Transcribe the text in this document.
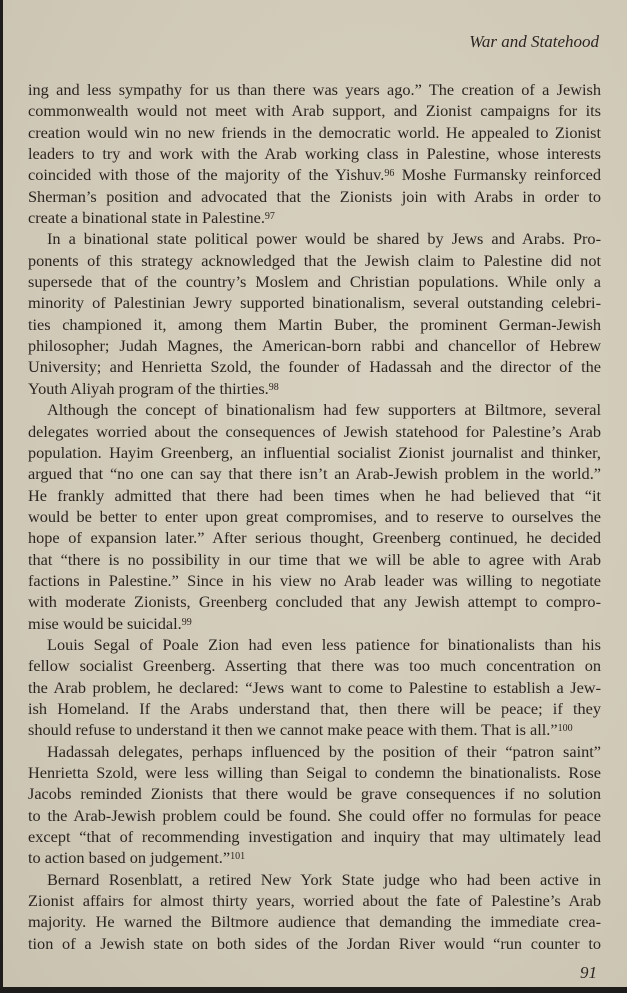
War and Statehood
ing and less sympathy for us than there was years ago.” The creation of a Jewish
commonwealth would not meet with Arab support, and Zionist campaigns for its
creation would win no new friends in the democratic world. He appealed to Zionist
leaders to try and work with the Arab working class in Palestine, whose interests
coincided with those of the majority of the Yishuv.$^{96}$ Moshe Furmansky reinforced
Sherman’s position and advocated that the Zionists join with Arabs in order to
create a binational state in Palestine.$^{97}$
In a binational state political power would be shared by Jews and Arabs. Pro-
ponents of this strategy acknowledged that the Jewish claim to Palestine did not
supersede that of the country’s Moslem and Christian populations. While only a
minority of Palestinian Jewry supported binationalism, several outstanding celebri-
ties championed it, among them Martin Buber, the prominent German-Jewish
philosopher; Judah Magnes, the American-born rabbi and chancellor of Hebrew
University; and Henrietta Szold, the founder of Hadassah and the director of the
Youth Aliyah program of the thirties.$^{98}$
Although the concept of binationalism had few supporters at Biltmore, several
delegates worried about the consequences of Jewish statehood for Palestine’s Arab
population. Hayim Greenberg, an influential socialist Zionist journalist and thinker,
argued that “no one can say that there isn’t an Arab-Jewish problem in the world.”
He frankly admitted that there had been times when he had believed that “it
would be better to enter upon great compromises, and to reserve to ourselves the
hope of expansion later.” After serious thought, Greenberg continued, he decided
that “there is no possibility in our time that we will be able to agree with Arab
factions in Palestine.” Since in his view no Arab leader was willing to negotiate
with moderate Zionists, Greenberg concluded that any Jewish attempt to compro-
mise would be suicidal.$^{99}$
Louis Segal of Poale Zion had even less patience for binationalists than his
fellow socialist Greenberg. Asserting that there was too much concentration on
the Arab problem, he declared: “Jews want to come to Palestine to establish a Jew-
ish Homeland. If the Arabs understand that, then there will be peace; if they
should refuse to understand it then we cannot make peace with them. That is all.”$^{100}$
Hadassah delegates, perhaps influenced by the position of their “patron saint”
Henrietta Szold, were less willing than Seigal to condemn the binationalists. Rose
Jacobs reminded Zionists that there would be grave consequences if no solution
to the Arab-Jewish problem could be found. She could offer no formulas for peace
except “that of recommending investigation and inquiry that may ultimately lead
to action based on judgement.”$^{101}$
Bernard Rosenblatt, a retired New York State judge who had been active in
Zionist affairs for almost thirty years, worried about the fate of Palestine’s Arab
majority. He warned the Biltmore audience that demanding the immediate crea-
tion of a Jewish state on both sides of the Jordan River would “run counter to
91
